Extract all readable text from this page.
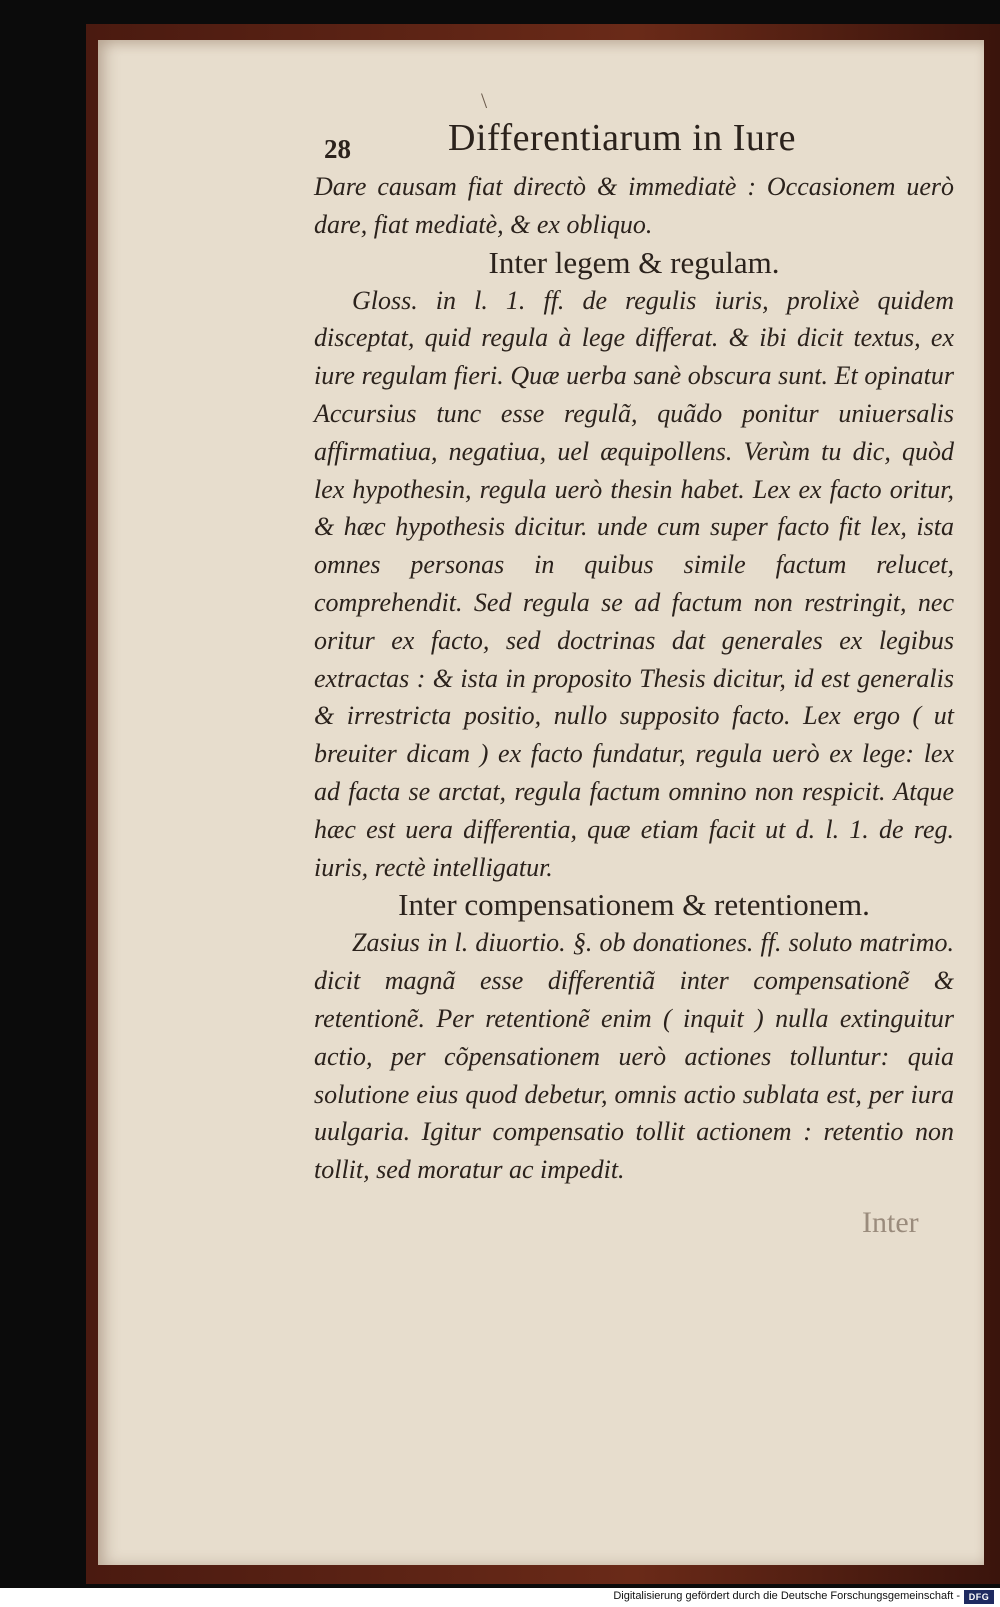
\
28	Differentiarum in Iure

Dare causam fiat directò & immediatè : Occasionem uerò dare, fiat mediatè, & ex obliquo.

Inter legem & regulam.

Gloss. in l. 1. ff. de regulis iuris, prolixè quidem disceptat, quid regula à lege differat. & ibi dicit textus, ex iure regulam fieri. Quæ uerba sanè obscura sunt. Et opinatur Accursius tunc esse regulã, quãdo ponitur uniuersalis affirmatiua, negatiua, uel æquipollens. Verùm tu dic, quòd lex hypothesin, regula uerò thesin habet. Lex ex facto oritur, & hæc hypothesis dicitur. unde cum super facto fit lex, ista omnes personas in quibus simile factum relucet, comprehendit. Sed regula se ad factum non restringit, nec oritur ex facto, sed doctrinas dat generales ex legibus extractas : & ista in proposito Thesis dicitur, id est generalis & irrestricta positio, nullo supposito facto. Lex ergo ( ut breuiter dicam ) ex facto fundatur, regula uerò ex lege: lex ad facta se arctat, regula factum omnino non respicit. Atque hæc est uera differentia, quæ etiam facit ut d. l. 1. de reg. iuris, rectè intelligatur.

Inter compensationem & retentionem.

Zasius in l. diuortio. §. ob donationes. ff. soluto matrimo. dicit magnã esse differentiã inter compensationẽ & retentionẽ. Per retentionẽ enim ( inquit ) nulla extinguitur actio, per cõpensationem uerò actiones tolluntur: quia solutione eius quod debetur, omnis actio sublata est, per iura uulgaria. Igitur compensatio tollit actionem : retentio non tollit, sed moratur ac impedit.

Inter
Digitalisierung gefördert durch die Deutsche Forschungsgemeinschaft - DFG
